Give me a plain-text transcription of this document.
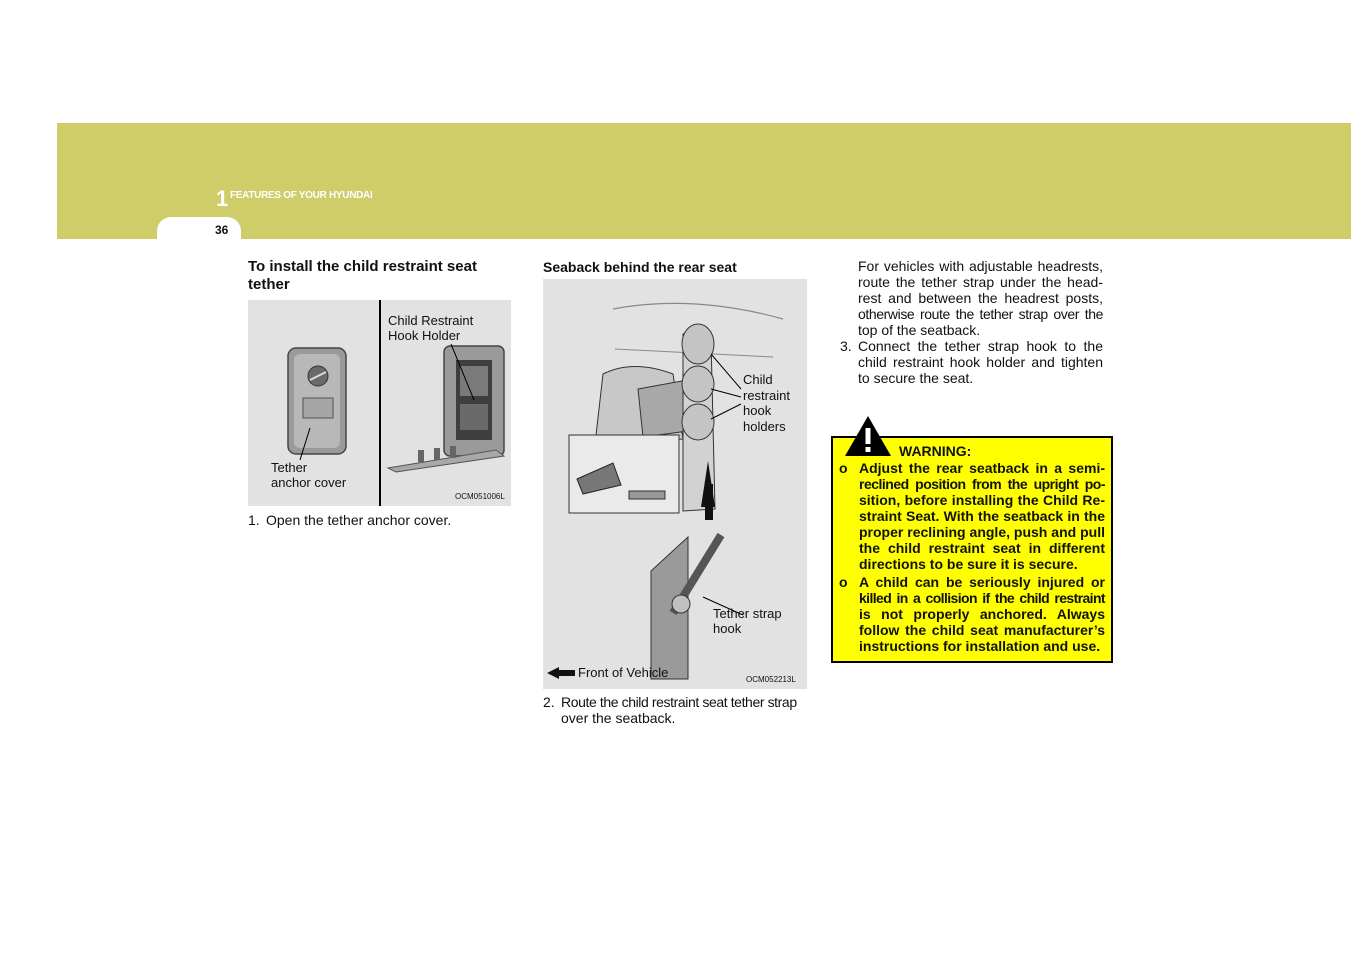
1 FEATURES OF YOUR HYUNDAI
36
To install the child restraint seat tether
Child Restraint
Hook Holder
Tether
anchor cover
OCM051006L
1. Open the tether anchor cover.
Seaback behind the rear seat
Child
restraint
hook
holders
Tether strap
hook
Front of Vehicle	OCM052213L
2. Route the child restraint seat tether strap
over the seatback.
For vehicles with adjustable headrests,
route the tether strap under the head-
rest and between the headrest posts,
otherwise route the tether strap over the
top of the seatback.
3. Connect the tether strap hook to the
child restraint hook holder and tighten
to secure the seat.
WARNING:
o Adjust the rear seatback in a semi-
reclined position from the upright po-
sition, before installing the Child Re-
straint Seat. With the seatback in the
proper reclining angle, push and pull
the child restraint seat in different
directions to be sure it is secure.
o A child can be seriously injured or
killed in a collision if the child restraint
is not properly anchored. Always
follow the child seat manufacturer’s
instructions for installation and use.
